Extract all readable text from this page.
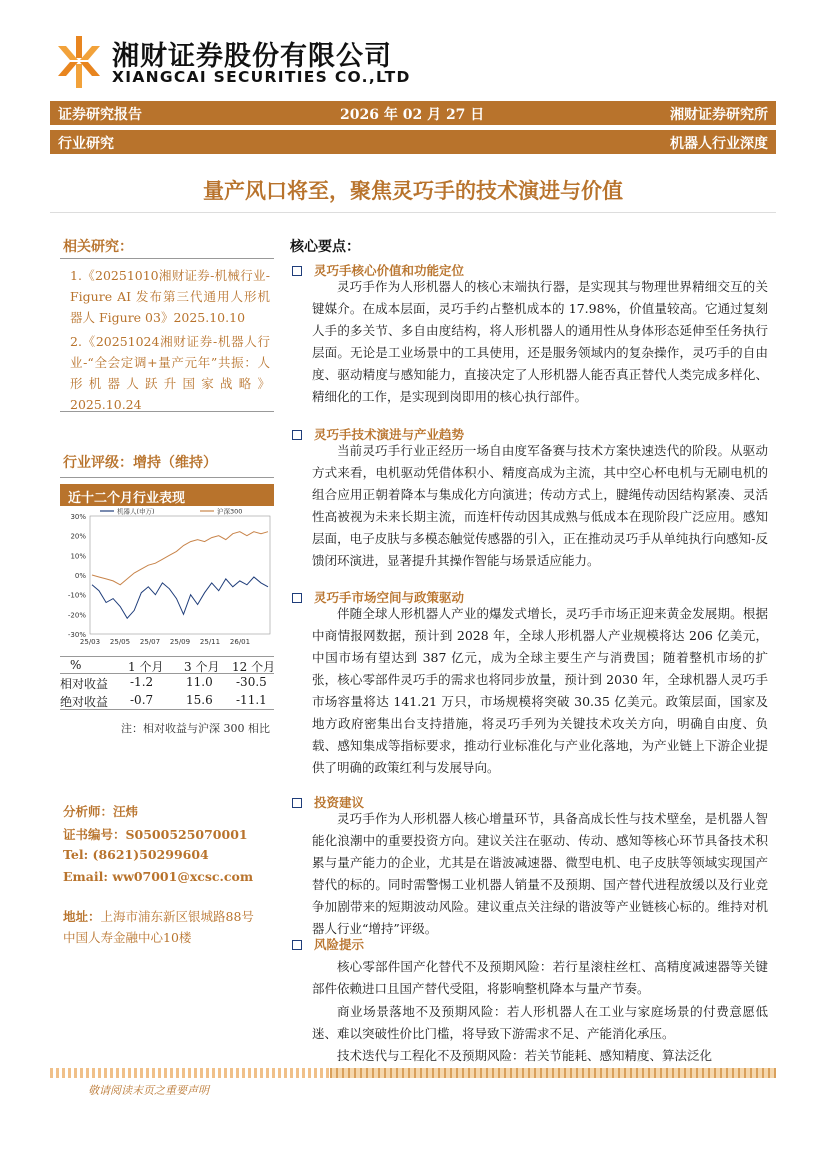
湘财证券股份有限公司
XIANGCAI SECURITIES CO.,LTD
证券研究报告	2026 年 02 月 27 日	湘财证券研究所
行业研究	机器人行业深度
量产风口将至，聚焦灵巧手的技术演进与价值
相关研究：
1.《20251010湘财证券-机械行业-Figure AI 发布第三代通用人形机器人 Figure 03》2025.10.10
2.《20251024湘财证券-机器人行业-“全会定调+量产元年”共振：人形机器人跃升国家战略》2025.10.24
行业评级：增持（维持）
近十二个月行业表现
30%
20%
10%
0%
-10%
-20%
-30%
25/03 25/05 25/07 25/09 25/11 26/01
机器人(申万)	沪深300
%	1 个月 3 个月 12 个月
相对收益 -1.2	11.0 -30.5
绝对收益 -0.7	15.6 -11.1
注：相对收益与沪深 300 相比
分析师：汪炜
证书编号：S0500525070001
Tel: (8621)50299604
Email: ww07001@xcsc.com
地址：上海市浦东新区银城路88号
中国人寿金融中心10楼
核心要点：
灵巧手核心价值和功能定位
灵巧手作为人形机器人的核心末端执行器，是实现其与物理世界精细交互的关键媒介。在成本层面，灵巧手约占整机成本的 17.98%，价值量较高。它通过复刻人手的多关节、多自由度结构，将人形机器人的通用性从身体形态延伸至任务执行层面。无论是工业场景中的工具使用，还是服务领域内的复杂操作，灵巧手的自由度、驱动精度与感知能力，直接决定了人形机器人能否真正替代人类完成多样化、精细化的工作，是实现到岗即用的核心执行部件。
灵巧手技术演进与产业趋势
当前灵巧手行业正经历一场自由度军备赛与技术方案快速迭代的阶段。从驱动方式来看，电机驱动凭借体积小、精度高成为主流，其中空心杯电机与无刷电机的组合应用正朝着降本与集成化方向演进；传动方式上，腱绳传动因结构紧凑、灵活性高被视为未来长期主流，而连杆传动因其成熟与低成本在现阶段广泛应用。感知层面，电子皮肤与多模态触觉传感器的引入，正在推动灵巧手从单纯执行向感知-反馈闭环演进，显著提升其操作智能与场景适应能力。
灵巧手市场空间与政策驱动
伴随全球人形机器人产业的爆发式增长，灵巧手市场正迎来黄金发展期。根据中商情报网数据，预计到 2028 年，全球人形机器人产业规模将达 206 亿美元，中国市场有望达到 387 亿元，成为全球主要生产与消费国；随着整机市场的扩张，核心零部件灵巧手的需求也将同步放量，预计到 2030 年，全球机器人灵巧手市场容量将达 141.21 万只，市场规模将突破 30.35 亿美元。政策层面，国家及地方政府密集出台支持措施，将灵巧手列为关键技术攻关方向，明确自由度、负载、感知集成等指标要求，推动行业标准化与产业化落地，为产业链上下游企业提供了明确的政策红利与发展导向。
投资建议
灵巧手作为人形机器人核心增量环节，具备高成长性与技术壁垒，是机器人智能化浪潮中的重要投资方向。建议关注在驱动、传动、感知等核心环节具备技术积累与量产能力的企业，尤其是在谐波减速器、微型电机、电子皮肤等领域实现国产替代的标的。同时需警惕工业机器人销量不及预期、国产替代进程放缓以及行业竞争加剧带来的短期波动风险。建议重点关注绿的谐波等产业链核心标的。维持对机器人行业“增持”评级。
风险提示
核心零部件国产化替代不及预期风险：若行星滚柱丝杠、高精度减速器等关键部件依赖进口且国产替代受阻，将影响整机降本与量产节奏。
商业场景落地不及预期风险：若人形机器人在工业与家庭场景的付费意愿低迷、难以突破性价比门槛，将导致下游需求不足、产能消化承压。
技术迭代与工程化不及预期风险：若关节能耗、感知精度、算法泛化
敬请阅读末页之重要声明
